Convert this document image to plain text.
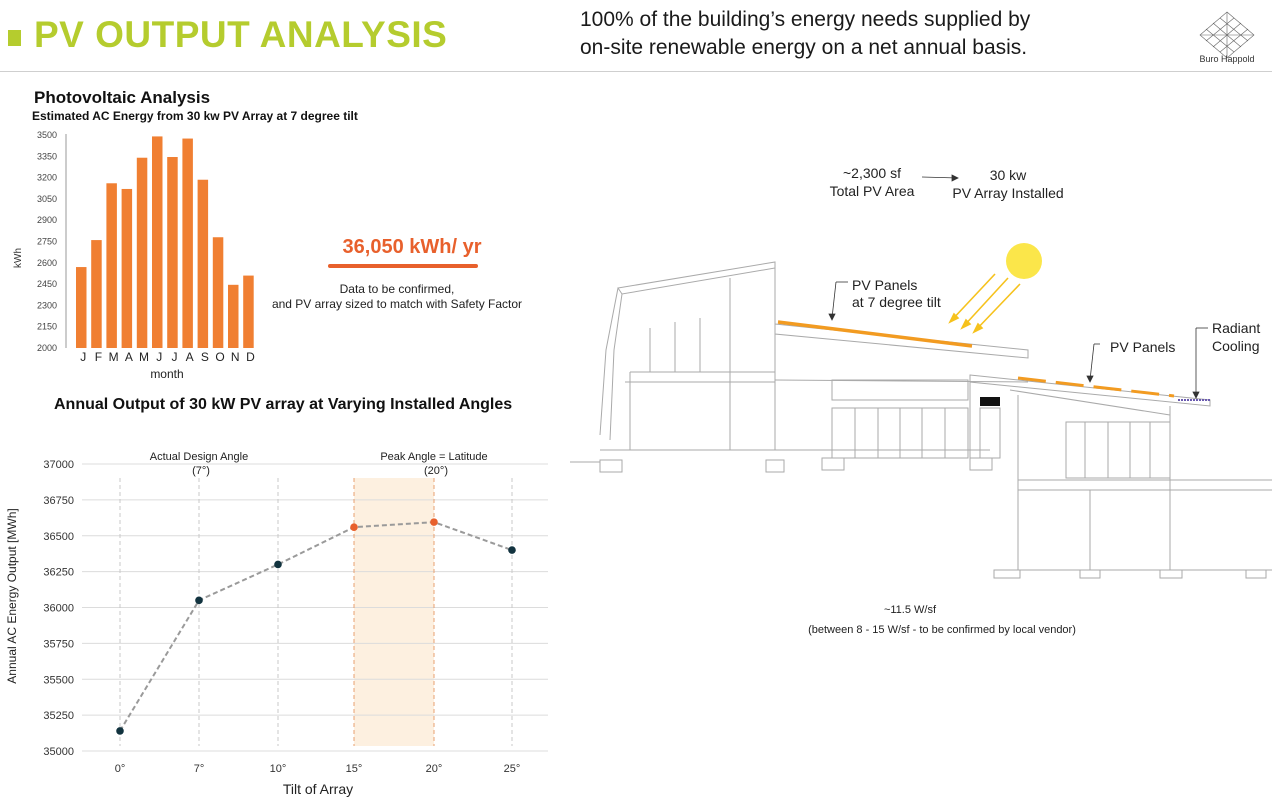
PV OUTPUT ANALYSIS	100% of the building’s energy needs supplied by
on-site renewable energy on a net annual basis.	Buro Happold
Photovoltaic Analysis
Estimated AC Energy from 30 kw PV Array at 7 degree tilt
2000
2150
2300
2450
2600
2750
2900
3050
3200
3350
3500
J F M A M J J A S O N D
kWh
month
36,050 kWh/ yr
Data to be confirmed,
and PV array sized to match with Safety Factor
Annual Output of 30 kW PV array at Varying Installed Angles
35000
35250
35500
35750
36000
36250
36500
36750
37000
0°	7°	10°	15°	20°	25°
Actual Design Angle
(7°)
Peak Angle = Latitude
(20°)
Tilt of Array
Annual AC Energy Output [MWh]
~2,300 sf
Total PV Area
30 kw
PV Array Installed
PV Panels
at 7 degree tilt
PV Panels
Radiant
Cooling
~11.5 W/sf
(between 8 - 15 W/sf - to be confirmed by local vendor)
